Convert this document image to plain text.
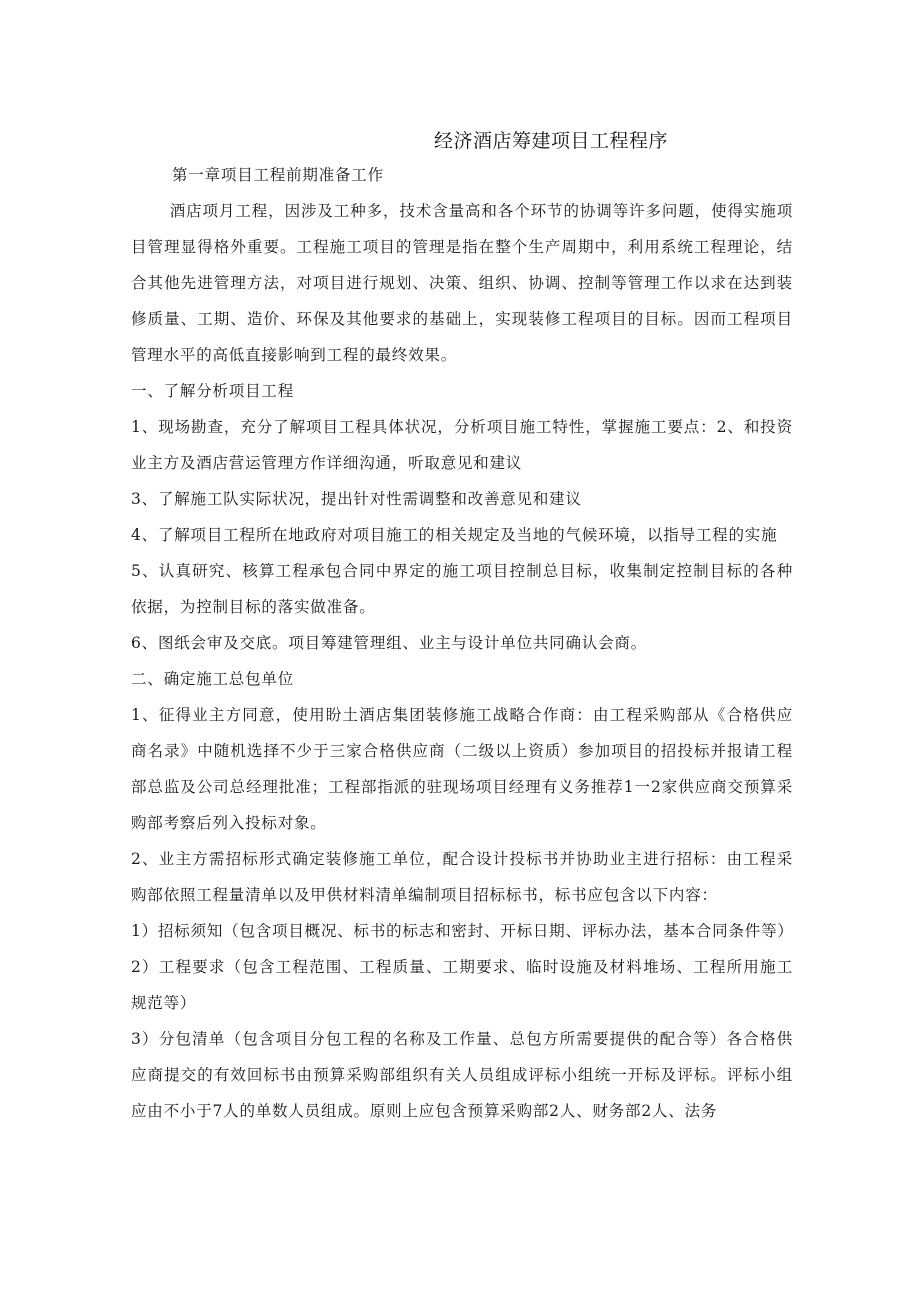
经济酒店筹建项目工程程序

第一章项目工程前期准备工作

酒店项月工程，因涉及工种多，技术含量高和各个环节的协调等许多问题，使得实施项目管理显得格外重要。工程施工项目的管理是指在整个生产周期中，利用系统工程理论，结合其他先进管理方法，对项目进行规划、决策、组织、协调、控制等管理工作以求在达到装修质量、工期、造价、环保及其他要求的基础上，实现装修工程项目的目标。因而工程项目管理水平的高低直接影响到工程的最终效果。

一、了解分析项目工程

1、现场勘查，充分了解项目工程具体状况，分析项目施工特性，掌握施工要点：2、和投资业主方及酒店营运管理方作详细沟通，听取意见和建议

3、了解施工队实际状况，提出针对性需调整和改善意见和建议

4、了解项目工程所在地政府对项目施工的相关规定及当地的气候环境，以指导工程的实施

5、认真研究、核算工程承包合同中界定的施工项目控制总目标，收集制定控制目标的各种依据，为控制目标的落实做准备。

6、图纸会审及交底。项目筹建管理组、业主与设计单位共同确认会商。

二、确定施工总包单位

1、征得业主方同意，使用盼土酒店集团装修施工战略合作商：由工程采购部从《合格供应商名录》中随机选择不少于三家合格供应商（二级以上资质）参加项目的招投标并报请工程部总监及公司总经理批准；工程部指派的驻现场项目经理有义务推荐1一2家供应商交预算采购部考察后列入投标对象。

2、业主方需招标形式确定装修施工单位，配合设计投标书并协助业主进行招标：由工程采购部依照工程量清单以及甲供材料清单编制项目招标标书，标书应包含以下内容：

1）招标须知（包含项目概况、标书的标志和密封、开标日期、评标办法，基本合同条件等）

2）工程要求（包含工程范围、工程质量、工期要求、临时设施及材料堆场、工程所用施工规范等）

3）分包清单（包含项目分包工程的名称及工作量、总包方所需要提供的配合等）各合格供应商提交的有效回标书由预算采购部组织有关人员组成评标小组统一开标及评标。评标小组应由不小于7人的单数人员组成。原则上应包含预算采购部2人、财务部2人、法务
